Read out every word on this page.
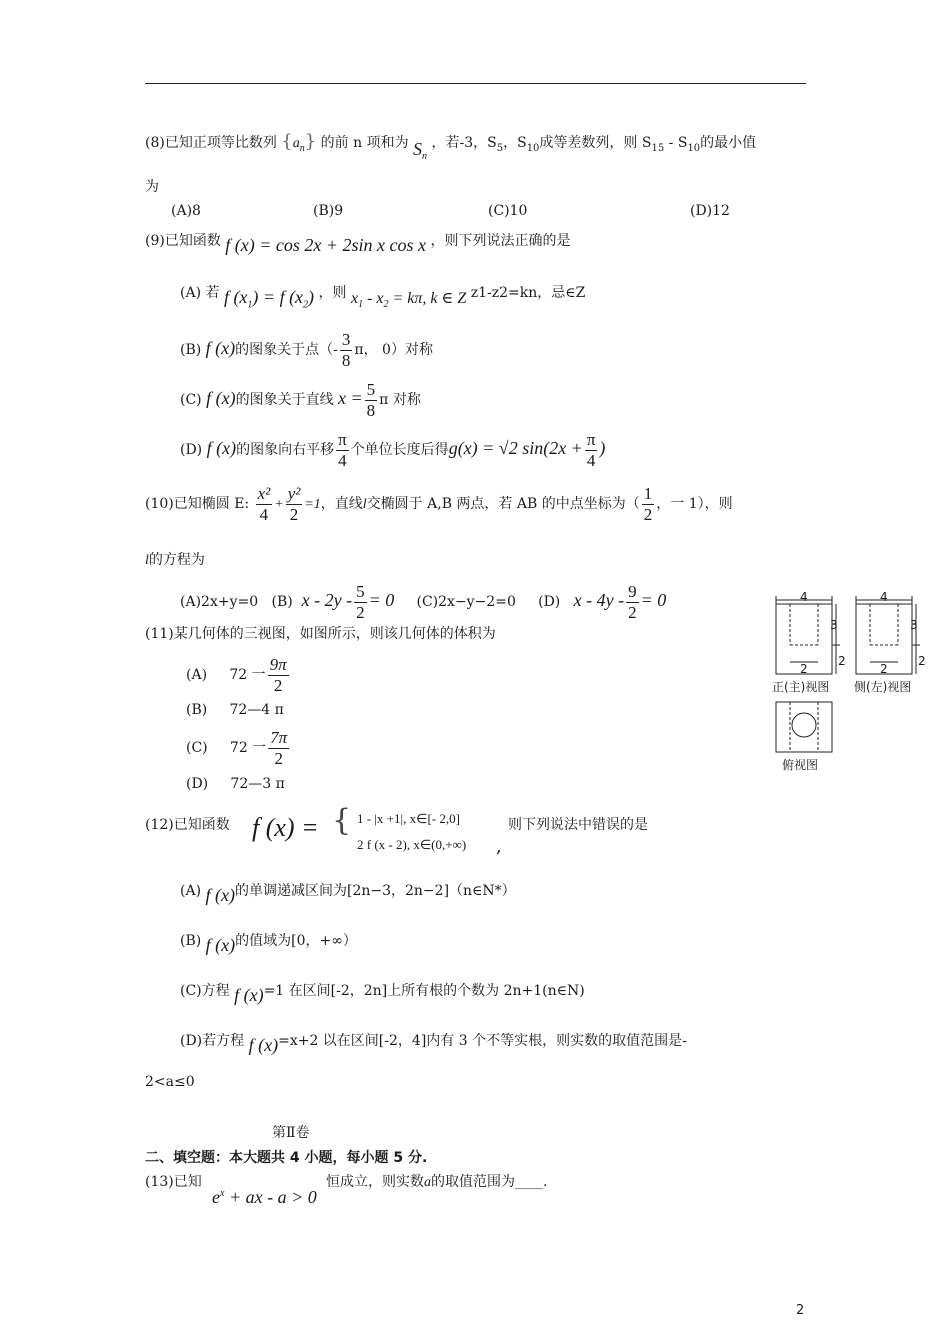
(8)已知正项等比数列 $\{a_n\}$ 的前 n 项和为 $S_n$ ，若-3，$S_5$，$S_{10}$成等差数列，则 $S_{15} - S_{10}$的最小值
为
(A)8	(B)9	(C)10	(D)12
(9)已知函数 f (x) = cos 2x + 2sin x cos x ，则下列说法正确的是
(A) 若 f $(x_1) = f$ $(x_2)$ ，则 $x_1 - x_2 = k\pi$, k ∈ Z z1-z2=kn，忌∈Z
(B) f (x)的图象关于点（- $\frac{3}{8}$ π， 0）对称
(C) f (x)的图象关于直线 $x = \frac{5}{8}$ π 对称
(D) f (x)的图象向右平移 $\frac{\pi}{4}$ 个单位长度后得g(x) = √2 $\sin(2x + \frac{\pi}{4}$ )
(10)已知椭圆 E: $\frac{\text{x²}}{4} + \frac{\text{y²}}{2} =1$，直线l交椭圆于 A,B 两点，若 AB 的中点坐标为（ $\frac{1}{2}$ ，一 1），则
l的方程为
(A)2x+y=0 (B) $x - 2y - \frac{5}{2} = 0$ (C)2x−y−2=0 (D) $x - 4y - \frac{9}{2} = 0$
(11)某几何体的三视图，如图所示，则该几何体的体积为
(A) 72 一 $\frac{9\pi}{2}$
(B) 72—4 π
(C) 72 一 $\frac{7\pi}{2}$
(D) 72—3 π
4	4
3	3
2	2
2	2
正(主)视图 侧(左)视图
俯视图
(12)已知函数 f (x) = { 1 - |x +1|, x∈[- 2,0]
2 f (x - 2), x∈(0,+∞) ,
则下列说法中错误的是
(A) f (x)的单调递减区间为[2n−3，2n−2]（n∈N*）
(B) f (x)的值域为[0，+∞）
(C)方程 f (x)=1 在区间[-2，2n]上所有根的个数为 2n+1(n∈N)
(D)若方程 f (x)=x+2 以在区间[-2，4]内有 3 个不等实根，则实数的取值范围是-
2<a≤0
第Ⅱ卷
二、填空题：本大题共 4 小题，每小题 5 分.
(13)已知
$e^x$ + ax - a > 0
恒成立，则实数a的取值范围为____.
2
